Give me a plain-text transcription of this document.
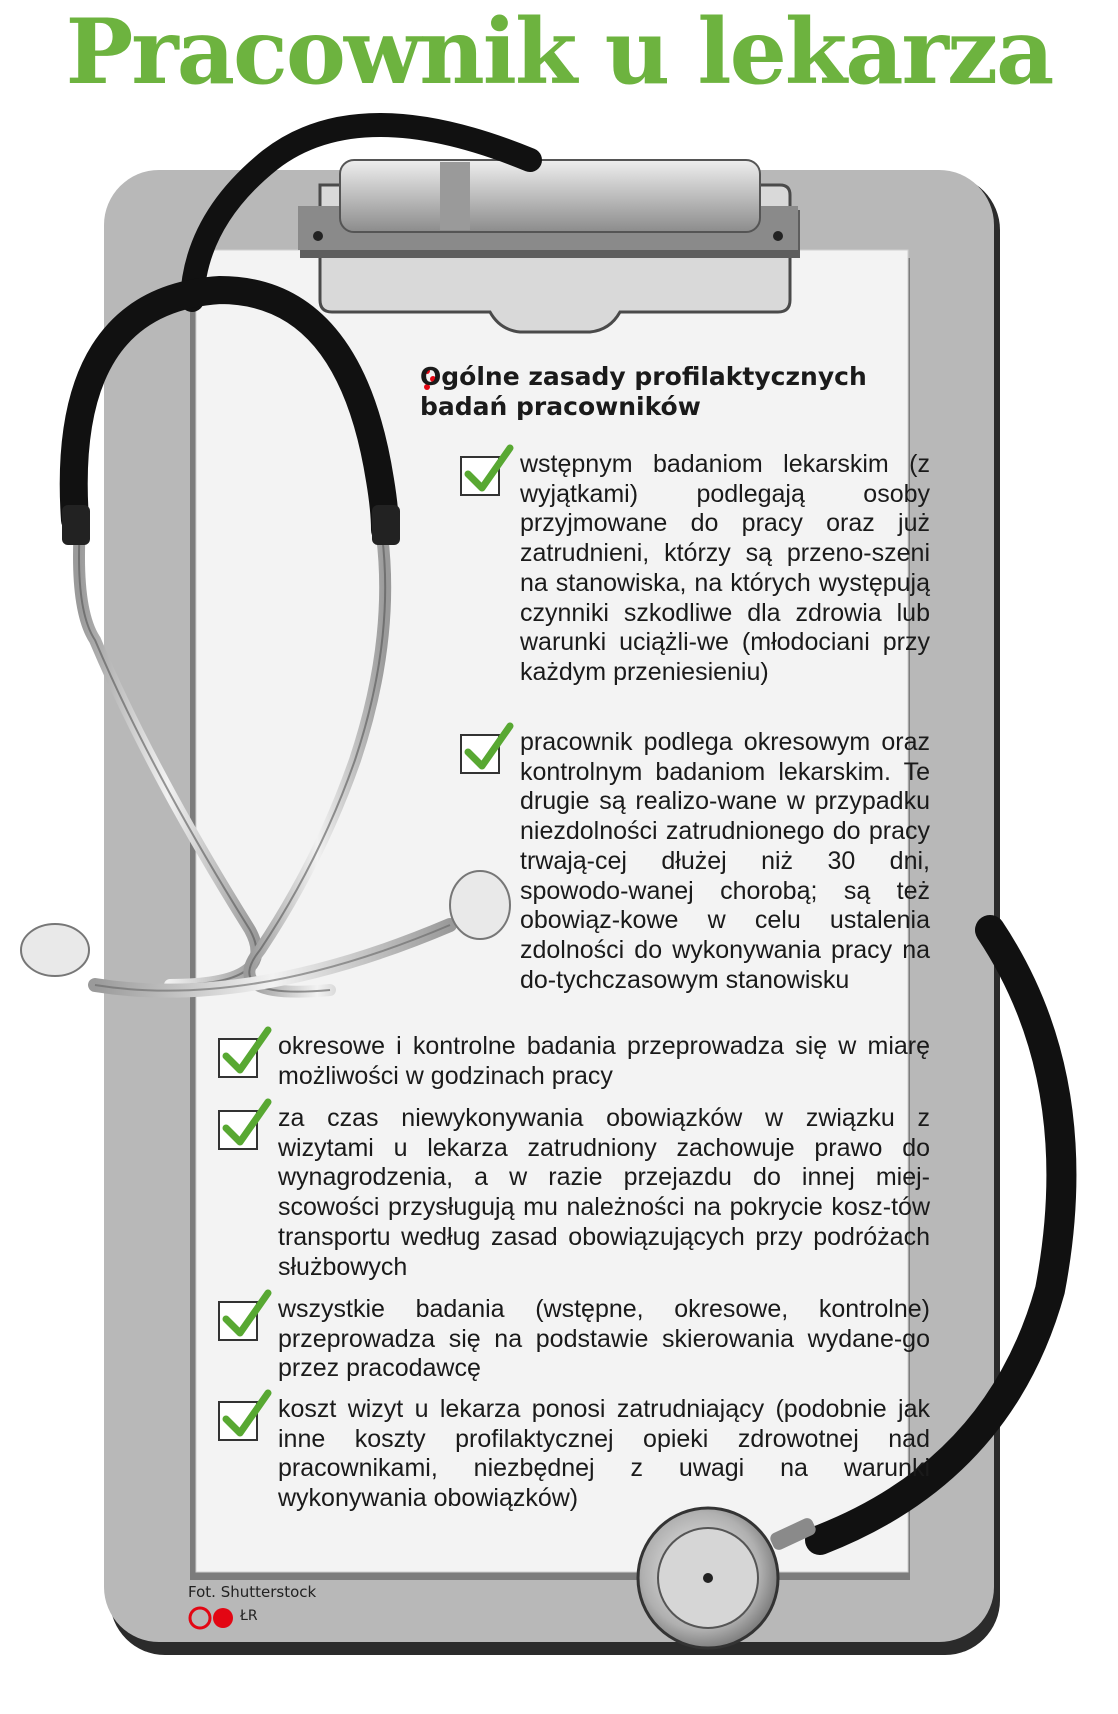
Pracownik u lekarza
Ogólne zasady profilaktycznych badań pracowników
wstępnym badaniom lekarskim (z wyjątkami) podlegają osoby przyjmowane do pracy oraz już zatrudnieni, którzy są przeno-szeni na stanowiska, na których występują czynniki szkodliwe dla zdrowia lub warunki uciążli-we (młodociani przy każdym przeniesieniu)
pracownik podlega okresowym oraz kontrolnym badaniom lekarskim. Te drugie są realizo-wane w przypadku niezdolności zatrudnionego do pracy trwają-cej dłużej niż 30 dni, spowodo-wanej chorobą; są też obowiąz-kowe w celu ustalenia zdolności do wykonywania pracy na do-tychczasowym stanowisku
okresowe i kontrolne badania przeprowadza się w miarę możliwości w godzinach pracy
za czas niewykonywania obowiązków w związku z wizytami u lekarza zatrudniony zachowuje prawo do wynagrodzenia, a w razie przejazdu do innej miej-scowości przysługują mu należności na pokrycie kosz-tów transportu według zasad obowiązujących przy podróżach służbowych
wszystkie badania (wstępne, okresowe, kontrolne) przeprowadza się na podstawie skierowania wydane-go przez pracodawcę
koszt wizyt u lekarza ponosi zatrudniający (podobnie jak inne koszty profilaktycznej opieki zdrowotnej nad pracownikami, niezbędnej z uwagi na warunki wykonywania obowiązków)
Fot. Shutterstock
ŁR
